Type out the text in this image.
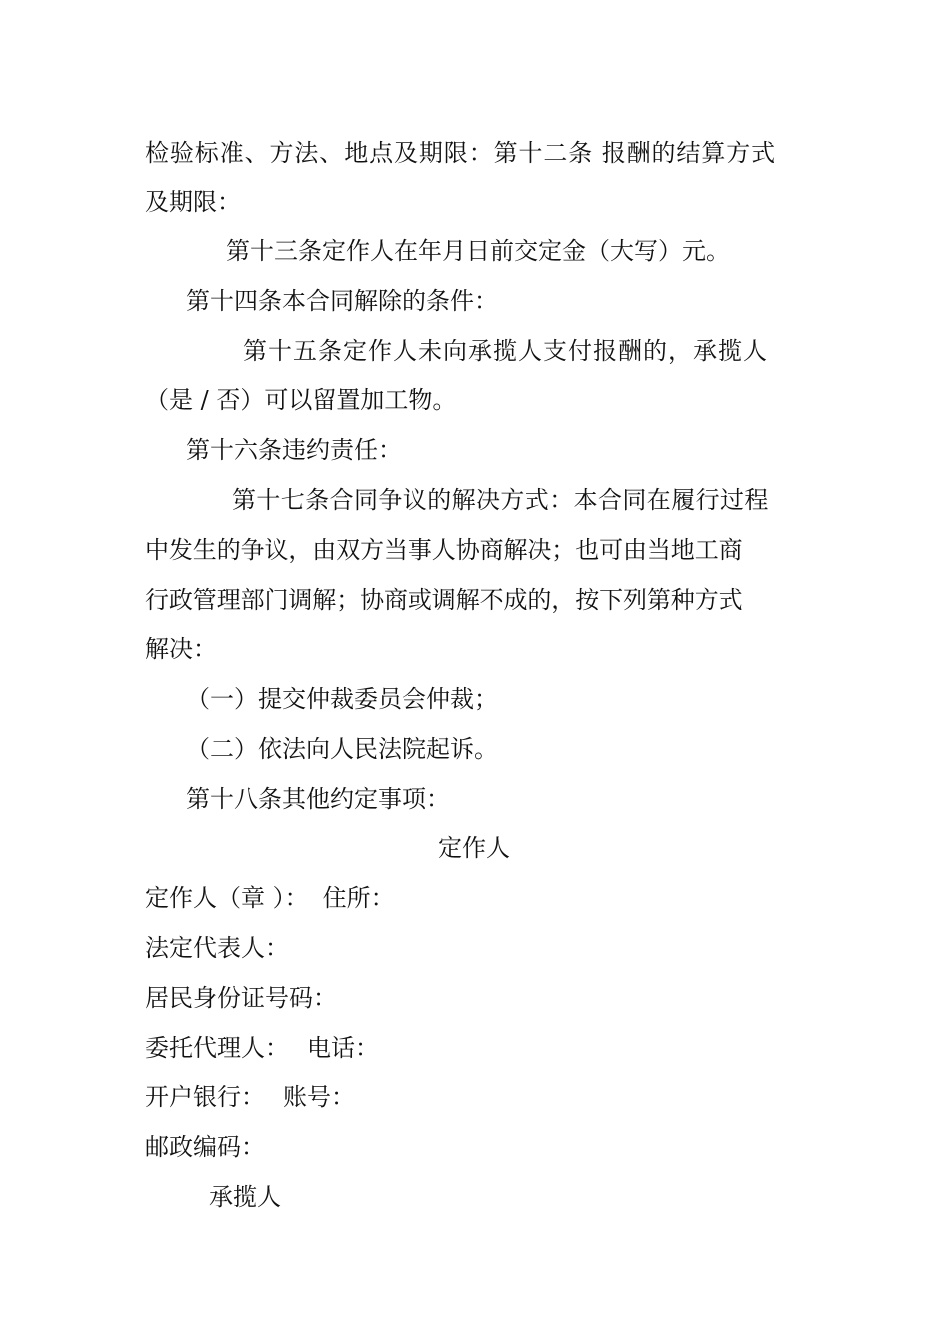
检验标准、方法、地点及期限：第十二条 报酬的结算方式
及期限：
第十三条定作人在年月日前交定金（大写）元。
第十四条本合同解除的条件：
第十五条定作人未向承揽人支付报酬的，承揽人
（是 / 否）可以留置加工物。
第十六条违约责任：
第十七条合同争议的解决方式：本合同在履行过程
中发生的争议，由双方当事人协商解决；也可由当地工商
行政管理部门调解；协商或调解不成的，按下列第种方式
解决：
（一）提交仲裁委员会仲裁；
（二）依法向人民法院起诉。
第十八条其他约定事项：
定作人
定作人（章 ）： 住所：
法定代表人：
居民身份证号码：
委托代理人： 电话：
开户银行： 账号：
邮政编码：
承揽人
